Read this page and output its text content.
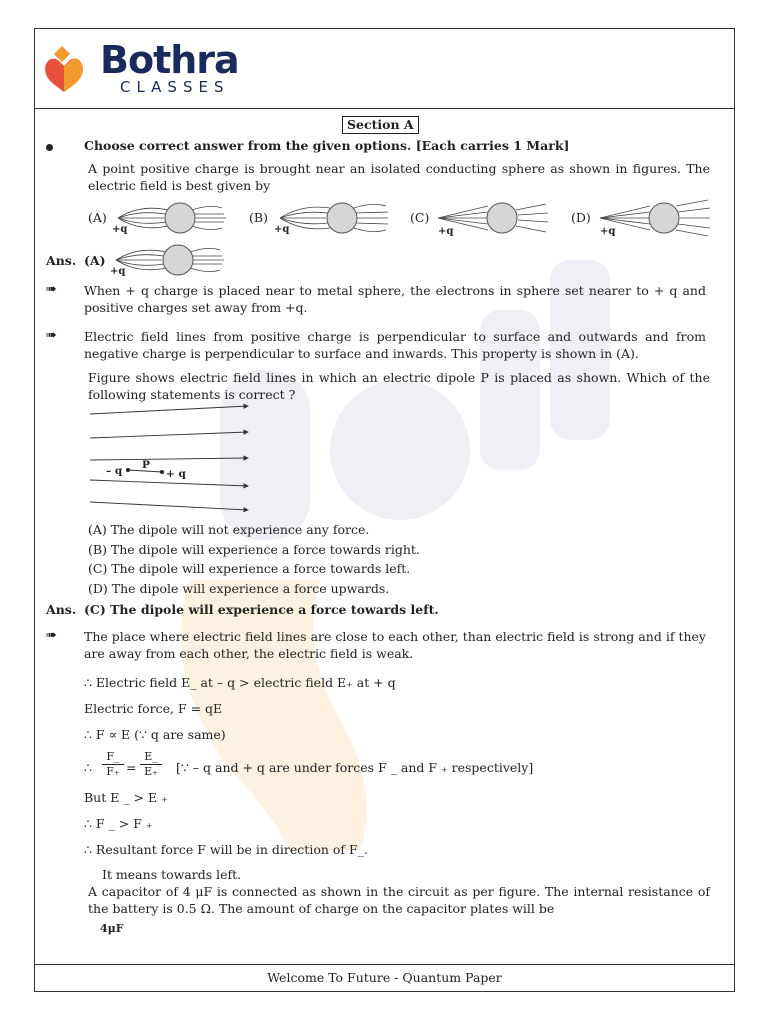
Bothra
CLASSES
Section A
Choose correct answer from the given options. [Each carries 1 Mark]
A point positive charge is brought near an isolated conducting sphere as shown in figures. The electric field is best given by
(A)	(B)	(C)	(D)
+q	+q	+q	+q
Ans. (A)
+q
➠ When + q charge is placed near to metal sphere, the electrons in sphere set nearer to + q and positive charges set away from +q.
➠ Electric field lines from positive charge is perpendicular to surface and outwards and from negative charge is perpendicular to surface and inwards. This property is shown in (A).
Figure shows electric field lines in which an electric dipole P is placed as shown. Which of the following statements is correct ?
– q P
+ q
(A) The dipole will not experience any force.
(B) The dipole will experience a force towards right.
(C) The dipole will experience a force towards left.
(D) The dipole will experience a force upwards.
Ans. (C) The dipole will experience a force towards left.
➠ The place where electric field lines are close to each other, than electric field is strong and if they are away from each other, the electric field is weak.
∴ Electric field E_ at – q > electric field E₊ at + q
Electric force, F = qE
∴ F ∝ E (∵ q are same)
∴ $\frac{F\_}{F_+} = \frac{E\_}{E_+}$ [∵ – q and + q are under forces F _ and F ₊ respectively]
But E _ > E ₊
∴ F _ > F ₊
∴ Resultant force F will be in direction of F_.
It means towards left.
A capacitor of 4 μF is connected as shown in the circuit as per figure. The internal resistance of the battery is 0.5 Ω. The amount of charge on the capacitor plates will be
4μF
Welcome To Future - Quantum Paper
